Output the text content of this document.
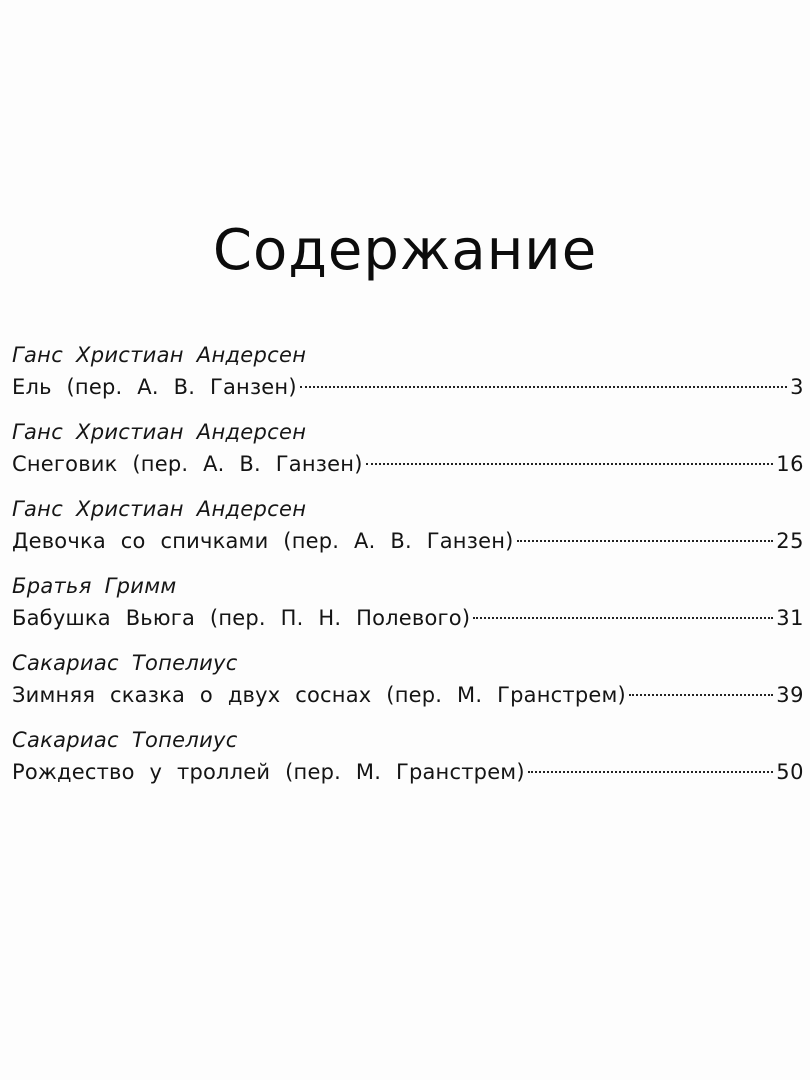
Содержание
Ганс Христиан Андерсен
Ель (пер. А. В. Ганзен)	3
Ганс Христиан Андерсен
Снеговик (пер. А. В. Ганзен)	16
Ганс Христиан Андерсен
Девочка со спичками (пер. А. В. Ганзен)	25
Братья Гримм
Бабушка Вьюга (пер. П. Н. Полевого)	31
Сакариас Топелиус
Зимняя сказка о двух соснах (пер. М. Гранстрем)	39
Сакариас Топелиус
Рождество у троллей (пер. М. Гранстрем)	50
